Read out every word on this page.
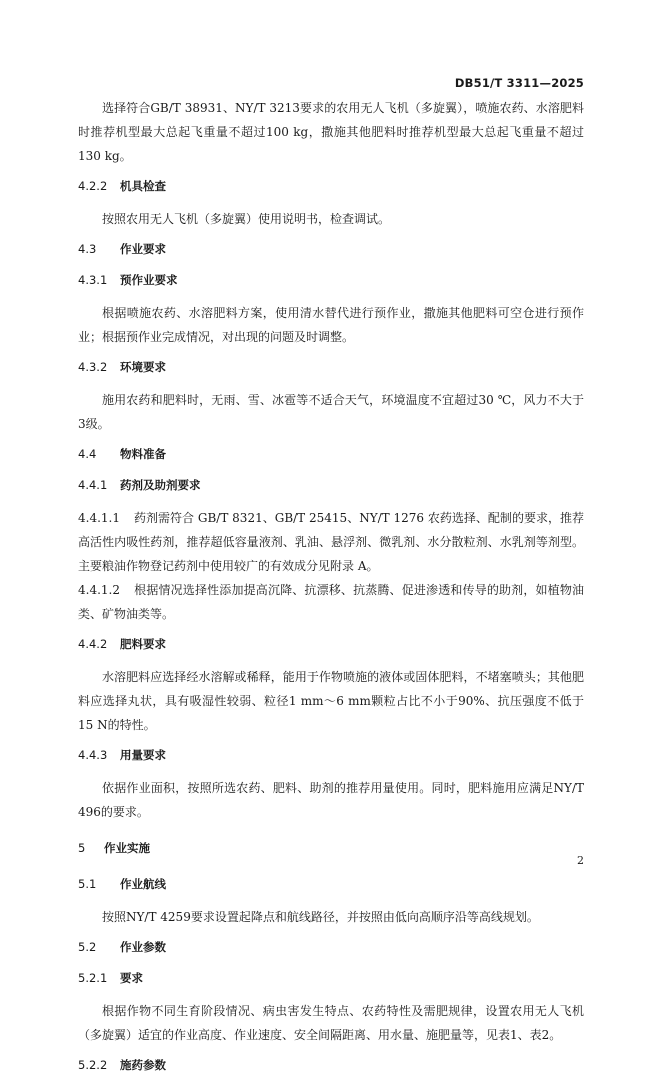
DB51/T 3311—2025

选择符合GB/T 38931、NY/T 3213要求的农用无人飞机（多旋翼），喷施农药、水溶肥料时推荐机型最大总起飞重量不超过100 kg，撒施其他肥料时推荐机型最大总起飞重量不超过130 kg。

4.2.2 机具检查

按照农用无人飞机（多旋翼）使用说明书，检查调试。

4.3 作业要求
4.3.1 预作业要求

根据喷施农药、水溶肥料方案，使用清水替代进行预作业，撒施其他肥料可空仓进行预作业；根据预作业完成情况，对出现的问题及时调整。

4.3.2 环境要求

施用农药和肥料时，无雨、雪、冰雹等不适合天气，环境温度不宜超过30 ℃，风力不大于3级。

4.4 物料准备
4.4.1 药剂及助剂要求

4.4.1.1 药剂需符合 GB/T 8321、GB/T 25415、NY/T 1276 农药选择、配制的要求，推荐高活性内吸性药剂，推荐超低容量液剂、乳油、悬浮剂、微乳剂、水分散粒剂、水乳剂等剂型。主要粮油作物登记药剂中使用较广的有效成分见附录 A。

4.4.1.2 根据情况选择性添加提高沉降、抗漂移、抗蒸腾、促进渗透和传导的助剂，如植物油类、矿物油类等。

4.4.2 肥料要求

水溶肥料应选择经水溶解或稀释，能用于作物喷施的液体或固体肥料，不堵塞喷头；其他肥料应选择丸状，具有吸湿性较弱、粒径1 mm～6 mm颗粒占比不小于90%、抗压强度不低于15 N的特性。

4.4.3 用量要求

依据作业面积，按照所选农药、肥料、助剂的推荐用量使用。同时，肥料施用应满足NY/T 496的要求。

5 作业实施
5.1 作业航线

按照NY/T 4259要求设置起降点和航线路径，并按照由低向高顺序沿等高线规划。

5.2 作业参数
5.2.1 要求

根据作物不同生育阶段情况、病虫害发生特点、农药特性及需肥规律，设置农用无人飞机（多旋翼）适宜的作业高度、作业速度、安全间隔距离、用水量、施肥量等，见表1、表2。

5.2.2 施药参数
2
